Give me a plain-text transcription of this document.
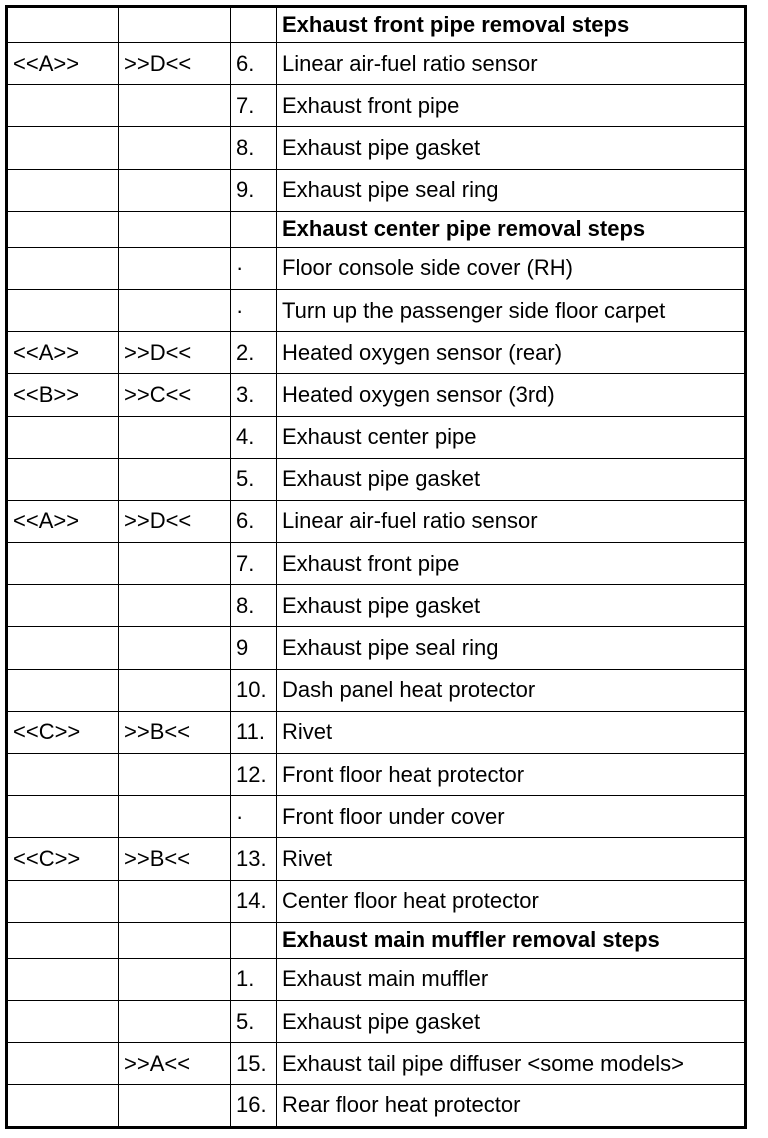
			Exhaust front pipe removal steps
<<A>>	>>D<<	6.	Linear air-fuel ratio sensor
		7.	Exhaust front pipe
		8.	Exhaust pipe gasket
		9.	Exhaust pipe seal ring
			Exhaust center pipe removal steps
		·	Floor console side cover (RH)
		·	Turn up the passenger side floor carpet
<<A>>	>>D<<	2.	Heated oxygen sensor (rear)
<<B>>	>>C<<	3.	Heated oxygen sensor (3rd)
		4.	Exhaust center pipe
		5.	Exhaust pipe gasket
<<A>>	>>D<<	6.	Linear air-fuel ratio sensor
		7.	Exhaust front pipe
		8.	Exhaust pipe gasket
		9	Exhaust pipe seal ring
		10.	Dash panel heat protector
<<C>>	>>B<<	11.	Rivet
		12.	Front floor heat protector
		·	Front floor under cover
<<C>>	>>B<<	13.	Rivet
		14.	Center floor heat protector
			Exhaust main muffler removal steps
		1.	Exhaust main muffler
		5.	Exhaust pipe gasket
	>>A<<	15.	Exhaust tail pipe diffuser <some models>
		16.	Rear floor heat protector
